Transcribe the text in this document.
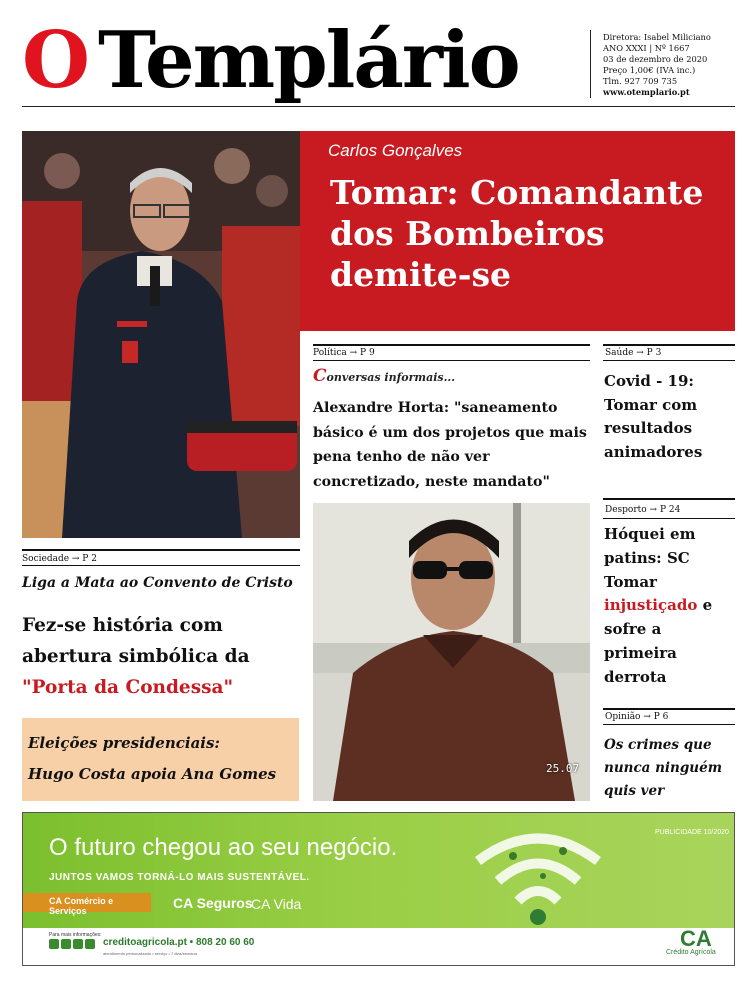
O Templário	Diretora: Isabel Miliciano
ANO XXXI | Nº 1667
03 de dezembro de 2020
Preço 1,00€ (IVA inc.)
Tlm. 927 709 735
www.otemplario.pt
Carlos Gonçalves
Tomar: Comandante dos Bombeiros demite-se
Política → P 9
Conversas informais...
Alexandre Horta: "saneamento básico é um dos projetos que mais pena tenho de não ver concretizado, neste mandato"
25.07
Saúde → P 3
Covid - 19: Tomar com resultados animadores
Desporto → P 24
Hóquei em patins: SC Tomar injustiçado e sofre a primeira derrota
Opinião → P 6
Os crimes que nunca ninguém quis ver
Sociedade → P 2
Liga a Mata ao Convento de Cristo
Fez-se história com abertura simbólica da "Porta da Condessa"
Eleições presidenciais:
Hugo Costa apoia Ana Gomes
O futuro chegou ao seu negócio.
JUNTOS VAMOS TORNÁ-LO MAIS SUSTENTÁVEL.
PUBLICIDADE 10/2020
CA Comércio e Serviços	CA Seguros
CA Vida
Para mais informações:
creditoagricola.pt • 808 20 60 60
atendimento personalizado • serviço • 7 dias/semana
CA
Crédito Agrícola
